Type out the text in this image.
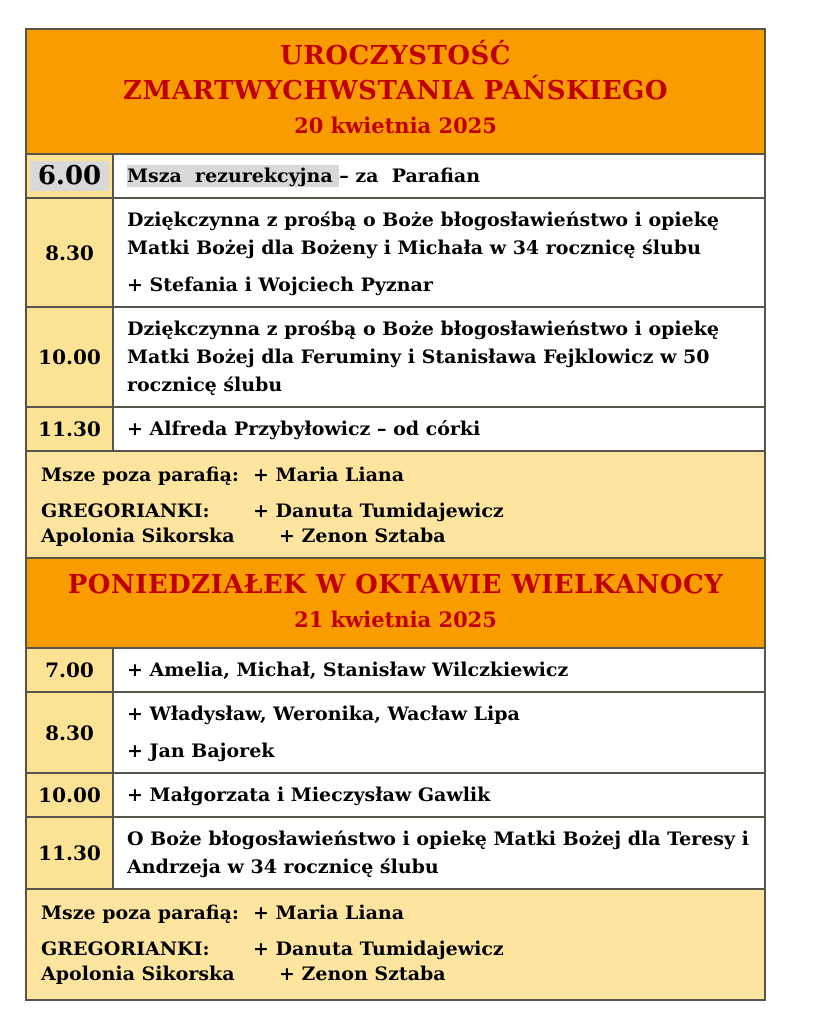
UROCZYSTOŚĆ
ZMARTWYCHWSTANIA PAŃSKIEGO
20 kwietnia 2025
6.00	Msza  rezurekcyjna – za  Parafian

8.30

Dziękczynna z prośbą o Boże błogosławieństwo i opiekę Matki Bożej dla Bożeny i Michała w 34 rocznicę ślubu

+ Stefania i Wojciech Pyznar

10.00

Dziękczynna z prośbą o Boże błogosławieństwo i opiekę Matki Bożej dla Feruminy i Stanisława Fejklowicz w 50 rocznicę ślubu

11.30 + Alfreda Przybyłowicz – od córki

Msze poza parafią: + Maria Liana
GREGORIANKI: + Danuta Tumidajewicz
Apolonia Sikorska + Zenon Sztaba
PONIEDZIAŁEK W OKTAWIE WIELKANOCY
21 kwietnia 2025
7.00 + Amelia, Michał, Stanisław Wilczkiewicz

8.30

+ Władysław, Weronika, Wacław Lipa

+ Jan Bajorek

10.00 + Małgorzata i Mieczysław Gawlik

11.30

O Boże błogosławieństwo i opiekę Matki Bożej dla Teresy i Andrzeja w 34 rocznicę ślubu

Msze poza parafią: + Maria Liana
GREGORIANKI: + Danuta Tumidajewicz
Apolonia Sikorska + Zenon Sztaba
